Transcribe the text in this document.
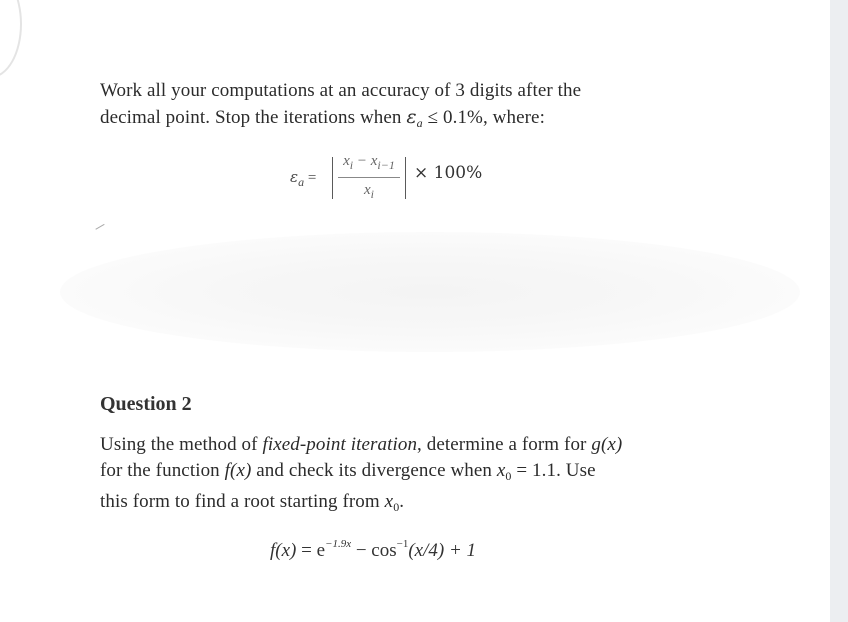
Work all your computations at an accuracy of 3 digits after the
decimal point. Stop the iterations when $\varepsilon_a \le 0.1\%$, where:
$\varepsilon_a$ =
$x_i - x_{i-1}$
$x_i$
× 100%
Question 2
Using the method of fixed-point iteration, determine a form for g(x)
for the function f(x) and check its divergence when $x_0 = 1.1$. Use
this form to find a root starting from $x_0$.
$f(x) = e^{-1.9x} - \cos^{-1}(x/4) + 1$
